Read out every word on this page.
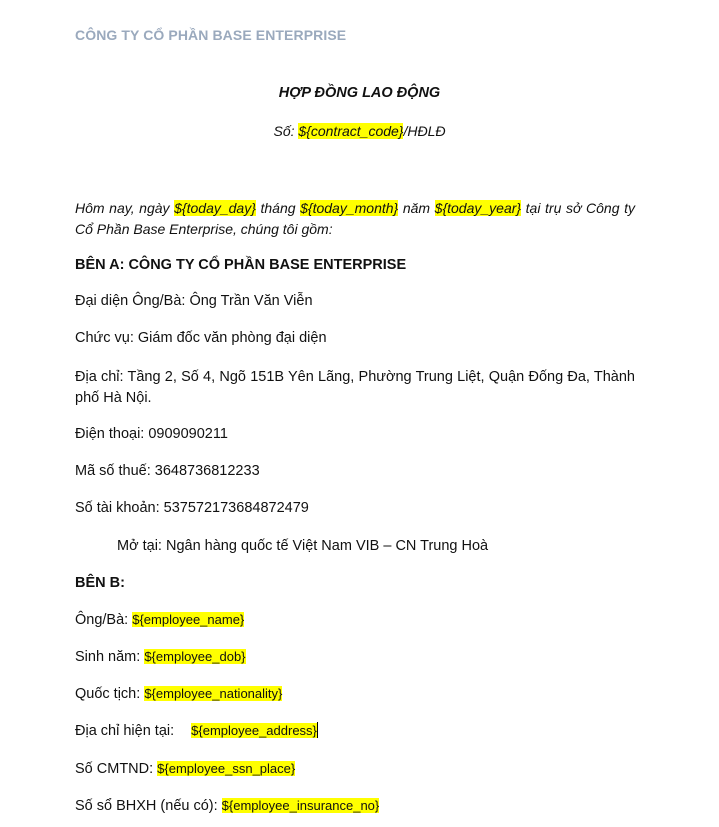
CÔNG TY CỔ PHẦN BASE ENTERPRISE
HỢP ĐỒNG LAO ĐỘNG
Số: ${contract_code}/HĐLĐ
Hôm nay, ngày ${today_day} tháng ${today_month} năm ${today_year} tại trụ sở Công ty Cổ Phần Base Enterprise, chúng tôi gồm:
BÊN A: CÔNG TY CỔ PHẦN BASE ENTERPRISE
Đại diện Ông/Bà: Ông Trần Văn Viễn
Chức vụ: Giám đốc văn phòng đại diện
Địa chỉ: Tầng 2, Số 4, Ngõ 151B Yên Lãng, Phường Trung Liệt, Quận Đống Đa, Thành phố Hà Nội.
Điện thoại: 0909090211
Mã số thuế: 3648736812233
Số tài khoản: 537572173684872479
Mở tại: Ngân hàng quốc tế Việt Nam VIB – CN Trung Hoà
BÊN B:
Ông/Bà: ${employee_name}
Sinh năm: ${employee_dob}
Quốc tịch: ${employee_nationality}
Địa chỉ hiện tại: ${employee_address}
Số CMTND: ${employee_ssn_place}
Số sổ BHXH (nếu có): ${employee_insurance_no}
